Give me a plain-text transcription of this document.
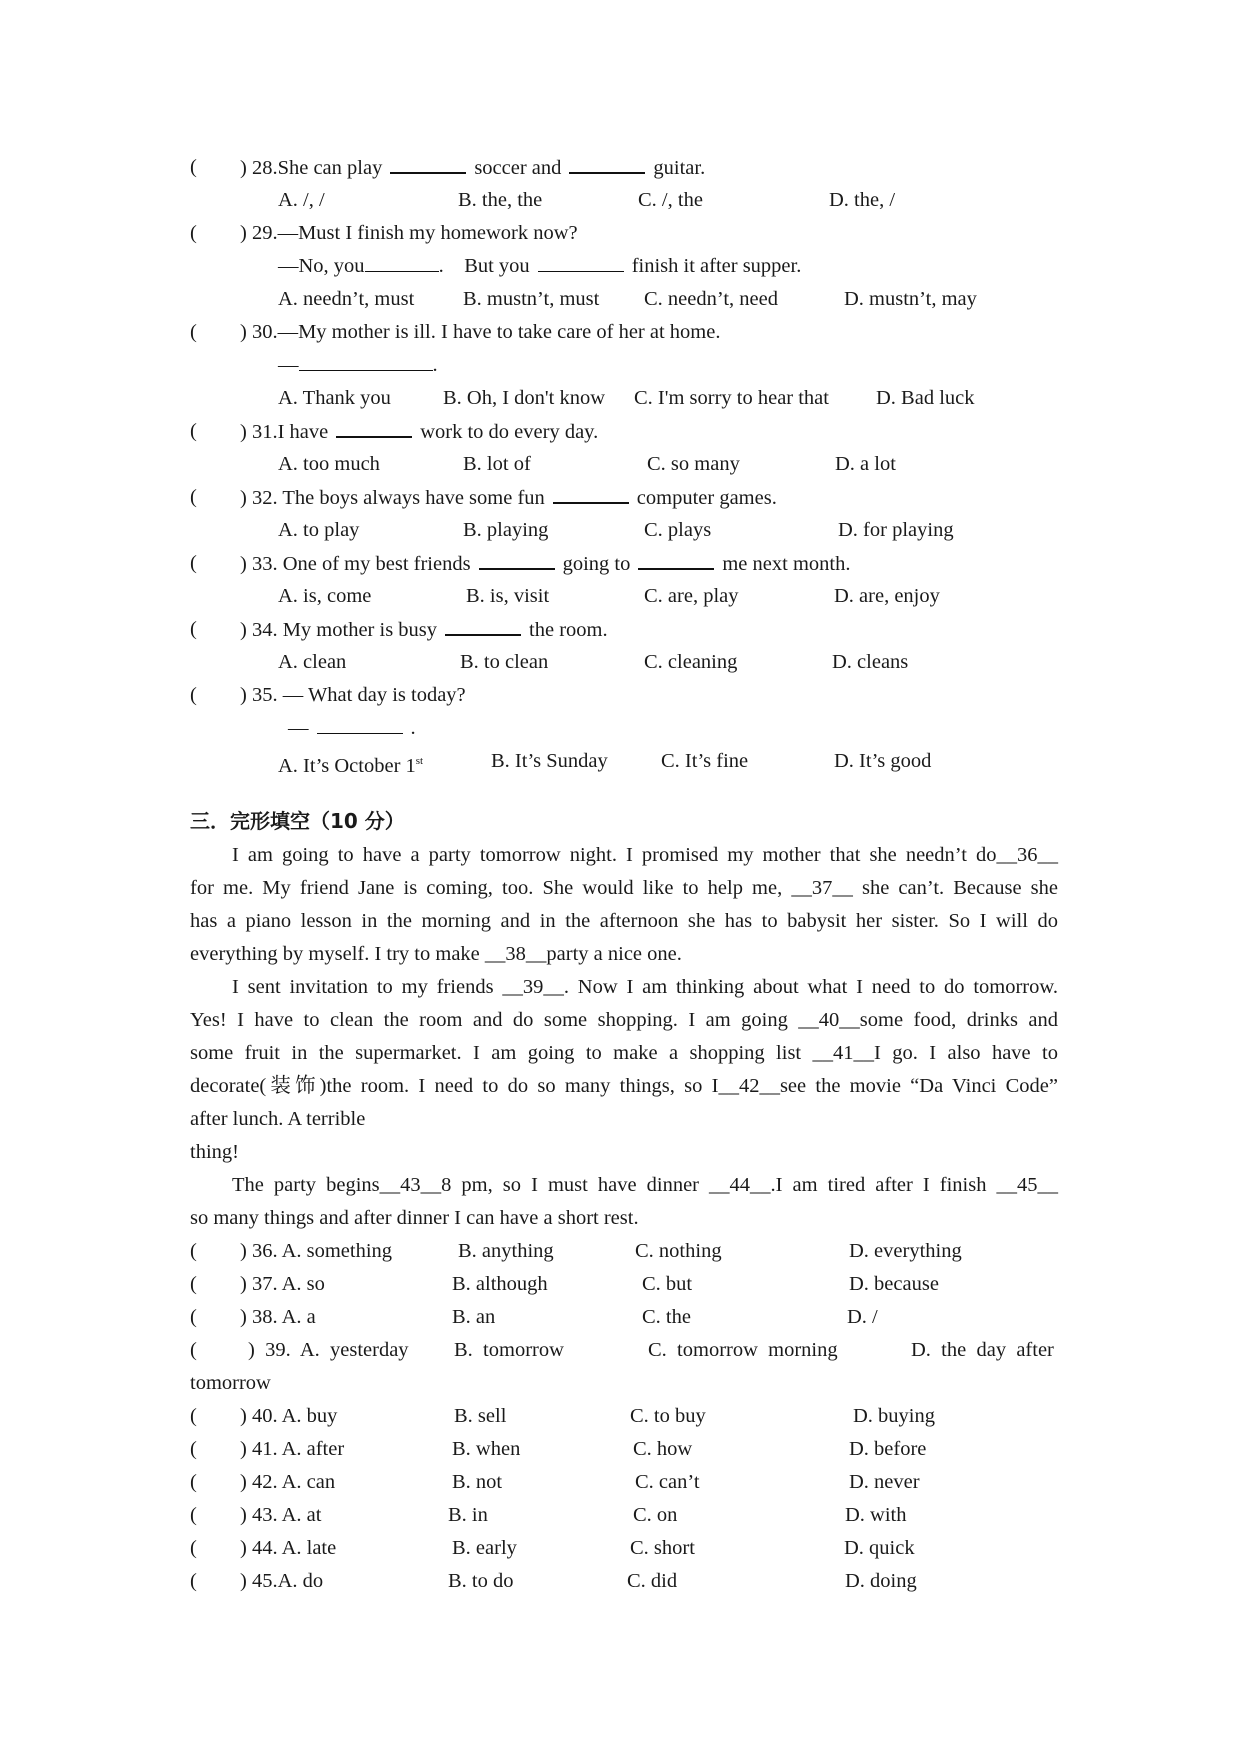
( ) 28.She can play	soccer and	guitar.
A. /, /	B. the, the	C. /, the	D. the, /
( ) 29.—Must I finish my homework now?
—No, you	.    But you	finish it after supper.
A. needn’t, must B. mustn’t, must C. needn’t, need	D. mustn’t, may
( ) 30.—My mother is ill. I have to take care of her at home.
—	.
A. Thank you	B. Oh, I don't know C. I'm sorry to hear that D. Bad luck
( ) 31.I have	work to do every day.
A. too much	B. lot of	C. so many	D. a lot
( ) 32. The boys always have some fun	computer games.
A. to play	B. playing	C. plays	D. for playing
( ) 33. One of my best friends	going to	me next month.
A. is, come	B. is, visit	C. are, play	D. are, enjoy
( ) 34. My mother is busy	the room.
A. clean	B. to clean	C. cleaning	D. cleans
( ) 35. — What day is today?
—	.
A. It’s October 1st	B. It’s Sunday	C. It’s fine	D. It’s good
三．完形填空（10 分）
I am going to have a party tomorrow night. I promised my mother that she needn’t do__36__
for me. My friend Jane is coming, too. She would like to help me, __37__ she can’t. Because she
has a piano lesson in the morning and in the afternoon she has to babysit her sister. So I will do
everything by myself. I try to make __38__party a nice one.
I sent invitation to my friends __39__. Now I am thinking about what I need to do tomorrow.
Yes! I have to clean the room and do some shopping. I am going __40__some food, drinks and
some fruit in the supermarket. I am going to make a shopping list __41__I go. I also have to
decorate(装饰)the room. I need to do so many things, so I__42__see the movie “Da Vinci Code”
after lunch. A terrible
thing!
The party begins__43__8 pm, so I must have dinner __44__.I am tired after I finish __45__
so many things and after dinner I can have a short rest.
( ) 36. A. something	B. anything	C. nothing	D. everything
( ) 37. A. so	B. although	C. but	D. because
( ) 38. A. a	B. an	C. the	D. /
( )  39.  A.  yesterday B.  tomorrow	C.  tomorrow  morning	D.  the  day  after
tomorrow
( ) 40. A. buy	B. sell	C. to buy	D. buying
( ) 41. A. after	B. when	C. how	D. before
( ) 42. A. can	B. not	C. can’t	D. never
( ) 43. A. at	B. in	C. on	D. with
( ) 44. A. late	B. early	C. short	D. quick
( ) 45.A. do	B. to do	C. did	D. doing
